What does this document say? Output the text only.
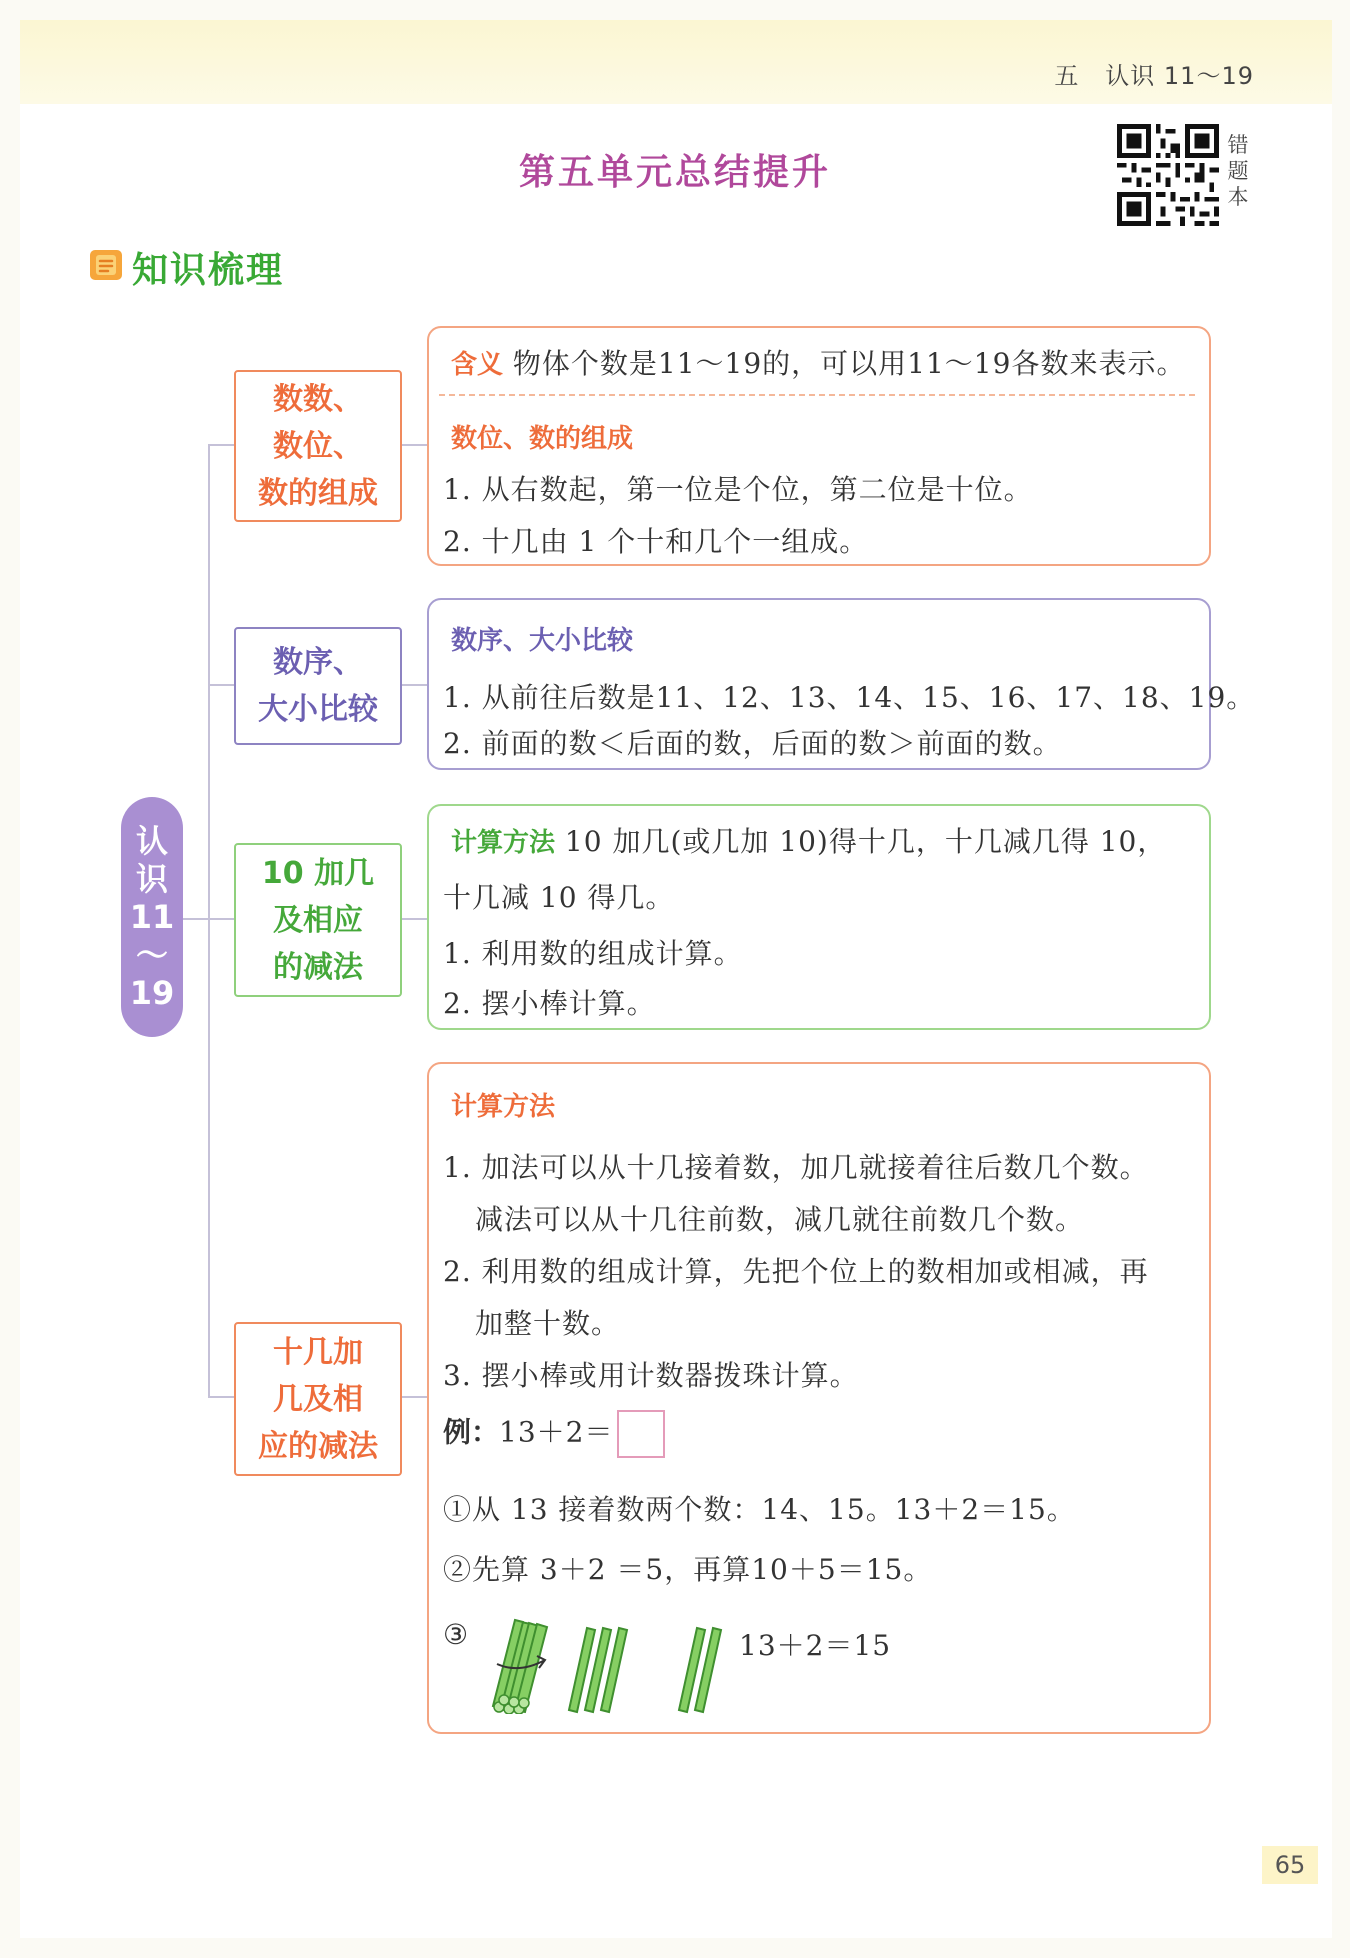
五 认识 11～19
第五单元总结提升
错
题
本
知识梳理
认
识
11
～
19
数数、
数位、
数的组成
数序、
大小比较
10 加几
及相应
的减法
十几加
几及相
应的减法
含义 物体个数是11～19的，可以用11～19各数来表示。
数位、数的组成
1. 从右数起，第一位是个位，第二位是十位。
2. 十几由 1 个十和几个一组成。
数序、大小比较
1. 从前往后数是11、12、13、14、15、16、17、18、19。
2. 前面的数＜后面的数，后面的数＞前面的数。
计算方法 10 加几(或几加 10)得十几，十几减几得 10，
十几减 10 得几。
1. 利用数的组成计算。
2. 摆小棒计算。
计算方法
1. 加法可以从十几接着数，加几就接着往后数几个数。
减法可以从十几往前数，减几就往前数几个数。
2. 利用数的组成计算，先把个位上的数相加或相减，再
加整十数。
3. 摆小棒或用计数器拨珠计算。
例：13＋2＝
①从 13 接着数两个数：14、15。13＋2＝15。
②先算 3＋2 ＝5，再算10＋5＝15。
③	13＋2＝15
65
